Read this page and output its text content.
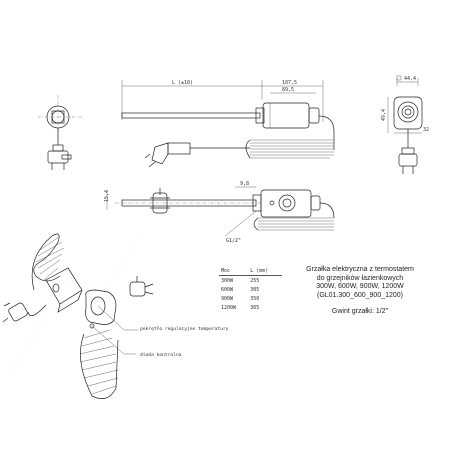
L (±10)	107,5
89,5
44,4
49,4
32
15,4
9,8
G1/2"
pokrętło regulacyjne temperatury
dioda kontrolna
Moc	L (mm)
300W	255
600W	305
900W	350
1200W	365
Grzałka elektryczna z termostatem
do grzejników łazienkowych
300W, 600W, 900W, 1200W
(GL01.300_600_900_1200)
Gwint grzałki: 1/2"
